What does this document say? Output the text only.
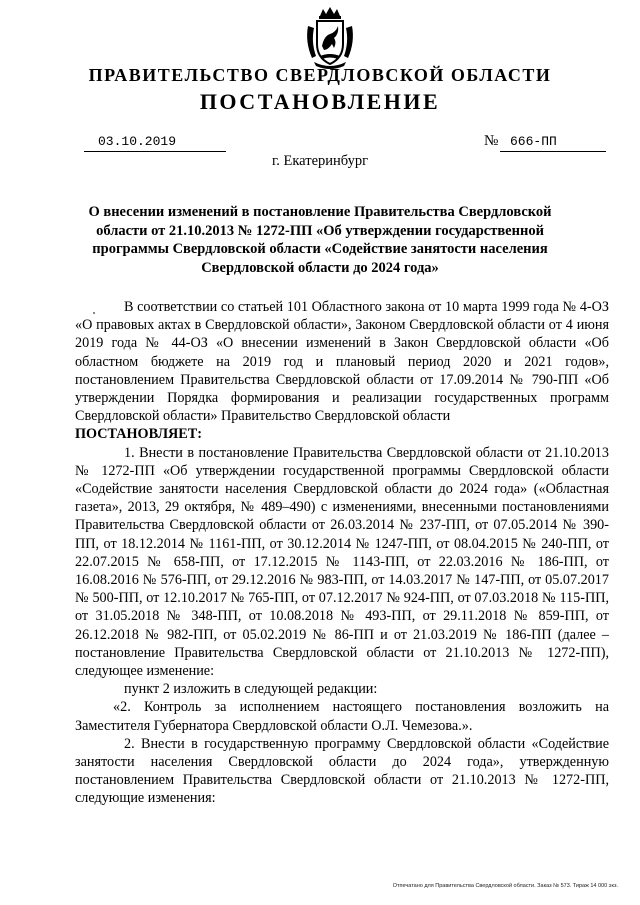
ПРАВИТЕЛЬСТВО СВЕРДЛОВСКОЙ ОБЛАСТИ
ПОСТАНОВЛЕНИЕ
03.10.2019	№ 666-ПП
г. Екатеринбург
О внесении изменений в постановление Правительства Свердловской области от 21.10.2013 № 1272-ПП «Об утверждении государственной программы Свердловской области «Содействие занятости населения Свердловской области до 2024 года»

В соответствии со статьей 101 Областного закона от 10 марта 1999 года № 4-ОЗ «О правовых актах в Свердловской области», Законом Свердловской области от 4 июня 2019 года № 44-ОЗ «О внесении изменений в Закон Свердловской области «Об областном бюджете на 2019 год и плановый период 2020 и 2021 годов», постановлением Правительства Свердловской области от 17.09.2014 № 790-ПП «Об утверждении Порядка формирования и реализации государственных программ Свердловской области» Правительство Свердловской области

ПОСТАНОВЛЯЕТ:

1. Внести в постановление Правительства Свердловской области от 21.10.2013 № 1272-ПП «Об утверждении государственной программы Свердловской области «Содействие занятости населения Свердловской области до 2024 года» («Областная газета», 2013, 29 октября, № 489–490) с изменениями, внесенными постановлениями Правительства Свердловской области от 26.03.2014 № 237-ПП, от 07.05.2014 № 390-ПП, от 18.12.2014 № 1161-ПП, от 30.12.2014 № 1247-ПП, от 08.04.2015 № 240-ПП, от 22.07.2015 № 658-ПП, от 17.12.2015 № 1143-ПП, от 22.03.2016 № 186-ПП, от 16.08.2016 № 576-ПП, от 29.12.2016 № 983-ПП, от 14.03.2017 № 147-ПП, от 05.07.2017 № 500-ПП, от 12.10.2017 № 765-ПП, от 07.12.2017 № 924-ПП, от 07.03.2018 № 115-ПП, от 31.05.2018 № 348-ПП, от 10.08.2018 № 493-ПП, от 29.11.2018 № 859-ПП, от 26.12.2018 № 982-ПП, от 05.02.2019 № 86-ПП и от 21.03.2019 № 186-ПП (далее – постановление Правительства Свердловской области от 21.10.2013 № 1272-ПП), следующее изменение:

пункт 2 изложить в следующей редакции:

«2. Контроль за исполнением настоящего постановления возложить на Заместителя Губернатора Свердловской области О.Л. Чемезова.».

2. Внести в государственную программу Свердловской области «Содействие занятости населения Свердловской области до 2024 года», утвержденную постановлением Правительства Свердловской области от 21.10.2013 № 1272-ПП, следующие изменения:

Отпечатано для Правительства Свердловской области. Заказ № 573. Тираж 14 000 экз.
